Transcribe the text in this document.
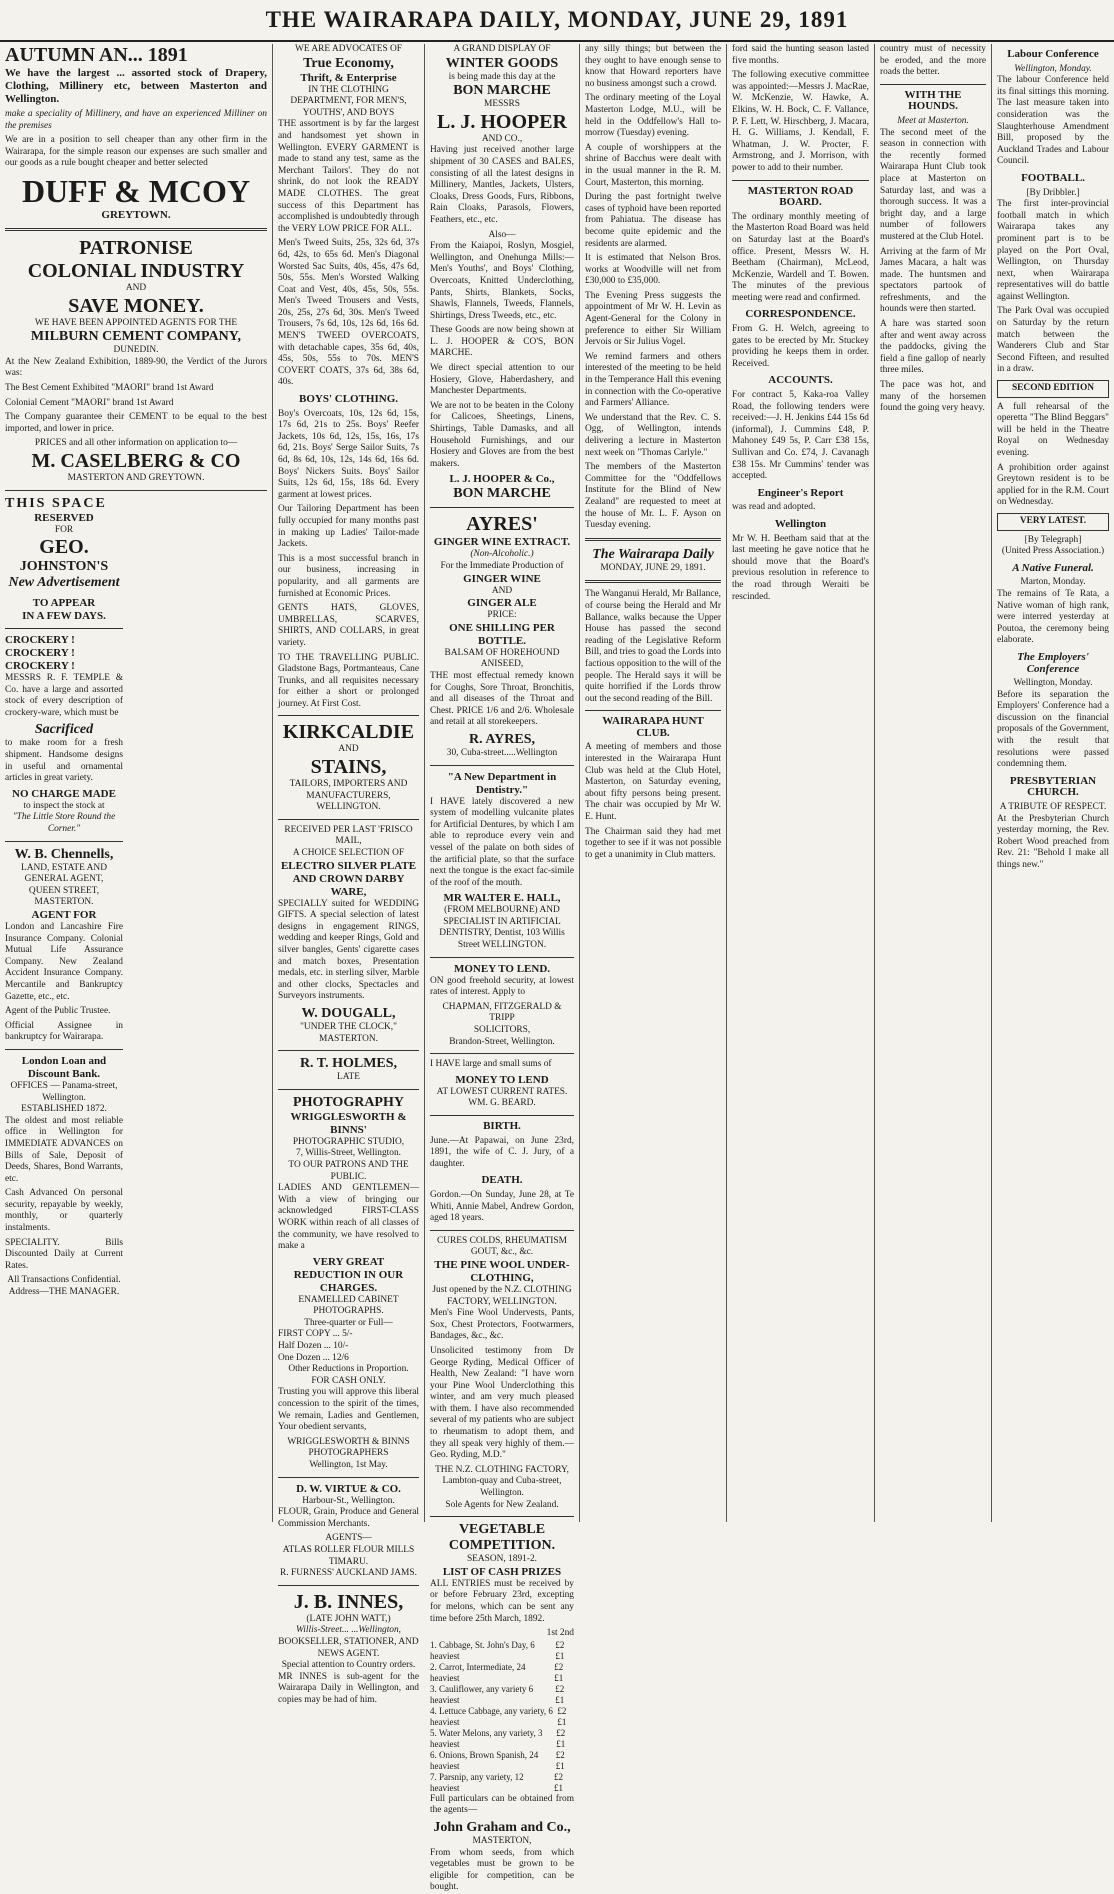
THE WAIRARAPA DAILY, MONDAY, JUNE 29, 1891
AUTUMN AN... 1891
We have the largest ... assorted stock of Drapery, Clothing, Millinery etc, between Masterton and Wellington.
make a speciality of Millinery, and have an experienced Milliner on the premises
We are in a position to sell cheaper than any other firm in the Wairarapa, for the simple reason our expenses are such smaller and our goods as a rule bought cheaper and better selected
DUFF & MCOY
GREYTOWN.
PATRONISE
COLONIAL INDUSTRY
AND
SAVE MONEY.
WE HAVE BEEN APPOINTED AGENTS FOR THE
MILBURN CEMENT COMPANY,
DUNEDIN.
At the New Zealand Exhibition, 1889-90, the Verdict of the Jurors was:
The Best Cement Exhibited "MAORI" brand 1st Award
Colonial Cement "MAORI" brand 1st Award
The Company guarantee their CEMENT to be equal to the best imported, and lower in price.
PRICES and all other information on application to—
M. CASELBERG & CO
MASTERTON AND GREYTOWN.
THIS SPACE
RESERVED
FOR
GEO.
JOHNSTON'S
New Advertisement
TO APPEAR
IN A FEW DAYS.
CROCKERY ! CROCKERY ! CROCKERY !
MESSRS R. F. TEMPLE & Co. have a large and assorted stock of every description of crockery-ware, which must be
Sacrificed
to make room for a fresh shipment. Handsome designs in useful and ornamental articles in great variety.
NO CHARGE MADE
to inspect the stock at
"The Little Store Round the Corner."
W. B. Chennells,
LAND, ESTATE AND GENERAL AGENT,
QUEEN STREET, MASTERTON.
AGENT FOR
London and Lancashire Fire Insurance Company. Colonial Mutual Life Assurance Company. New Zealand Accident Insurance Company. Mercantile and Bankruptcy Gazette, etc., etc.
Agent of the Public Trustee.
Official Assignee in bankruptcy for Wairarapa.
London Loan and Discount Bank.
OFFICES — Panama-street, Wellington.
ESTABLISHED 1872.
The oldest and most reliable office in Wellington for IMMEDIATE ADVANCES on Bills of Sale, Deposit of Deeds, Shares, Bond Warrants, etc.
Cash Advanced On personal security, repayable by weekly, monthly, or quarterly instalments.
SPECIALITY. Bills Discounted Daily at Current Rates.
All Transactions Confidential.
Address—THE MANAGER.
WE ARE ADVOCATES OF
True Economy,
Thrift, & Enterprise
IN THE CLOTHING DEPARTMENT, FOR MEN'S, YOUTHS', AND BOYS
THE assortment is by far the largest and handsomest yet shown in Wellington. EVERY GARMENT is made to stand any test, same as the Merchant Tailors'. They do not shrink, do not look the READY MADE CLOTHES. The great success of this Department has accomplished is undoubtedly through the VERY LOW PRICE FOR ALL.
Men's Tweed Suits, 25s, 32s 6d, 37s 6d, 42s, to 65s 6d. Men's Diagonal Worsted Sac Suits, 40s, 45s, 47s 6d, 50s, 55s. Men's Worsted Walking Coat and Vest, 40s, 45s, 50s, 55s. Men's Tweed Trousers and Vests, 20s, 25s, 27s 6d, 30s. Men's Tweed Trousers, 7s 6d, 10s, 12s 6d, 16s 6d. MEN'S TWEED OVERCOATS, with detachable capes, 35s 6d, 40s, 45s, 50s, 55s to 70s. MEN'S COVERT COATS, 37s 6d, 38s 6d, 40s.
BOYS' CLOTHING.
Boy's Overcoats, 10s, 12s 6d, 15s, 17s 6d, 21s to 25s. Boys' Reefer Jackets, 10s 6d, 12s, 15s, 16s, 17s 6d, 21s. Boys' Serge Sailor Suits, 7s 6d, 8s 6d, 10s, 12s, 14s 6d, 16s 6d. Boys' Nickers Suits. Boys' Sailor Suits, 12s 6d, 15s, 18s 6d. Every garment at lowest prices.
Our Tailoring Department has been fully occupied for many months past in making up Ladies' Tailor-made Jackets.
This is a most successful branch in our business, increasing in popularity, and all garments are furnished at Economic Prices.
GENTS HATS, GLOVES, UMBRELLAS, SCARVES, SHIRTS, AND COLLARS, in great variety.
TO THE TRAVELLING PUBLIC. Gladstone Bags, Portmanteaus, Cane Trunks, and all requisites necessary for either a short or prolonged journey. At First Cost.
KIRKCALDIE
AND
STAINS,
TAILORS, IMPORTERS AND MANUFACTURERS, WELLINGTON.
RECEIVED PER LAST 'FRISCO MAIL,
A CHOICE SELECTION OF
ELECTRO SILVER PLATE
AND CROWN DARBY WARE,
SPECIALLY suited for WEDDING GIFTS. A special selection of latest designs in engagement RINGS, wedding and keeper Rings, Gold and silver bangles, Gents' cigarette cases and match boxes, Presentation medals, etc. in sterling silver, Marble and other clocks, Spectacles and Surveyors instruments.
W. DOUGALL,
"UNDER THE CLOCK,"
MASTERTON.
R. T. HOLMES,
LATE
PHOTOGRAPHY
WRIGGLESWORTH & BINNS'
PHOTOGRAPHIC STUDIO,
7, Willis-Street, Wellington.
TO OUR PATRONS AND THE PUBLIC.
LADIES AND GENTLEMEN—With a view of bringing our acknowledged FIRST-CLASS WORK within reach of all classes of the community, we have resolved to make a
VERY GREAT REDUCTION IN OUR CHARGES.
ENAMELLED CABINET PHOTOGRAPHS.
Three-quarter or Full—
FIRST COPY ... 5/-
Half Dozen ... 10/-
One Dozen ... 12/6
Other Reductions in Proportion.
FOR CASH ONLY.
Trusting you will approve this liberal concession to the spirit of the times, We remain, Ladies and Gentlemen, Your obedient servants,
WRIGGLESWORTH & BINNS
PHOTOGRAPHERS
Wellington, 1st May.
D. W. VIRTUE & CO.
Harbour-St., Wellington.
FLOUR, Grain, Produce and General Commission Merchants.
AGENTS—
ATLAS ROLLER FLOUR MILLS TIMARU.
R. FURNESS' AUCKLAND JAMS.
J. B. INNES,
(LATE JOHN WATT,)
Willis-Street... ...Wellington,
BOOKSELLER, STATIONER, AND NEWS AGENT.
Special attention to Country orders.
MR INNES is sub-agent for the Wairarapa Daily in Wellington, and copies may be had of him.
A GRAND DISPLAY OF
WINTER GOODS
is being made this day at the
BON MARCHE
MESSRS
L. J. HOOPER
AND CO.,
Having just received another large shipment of 30 CASES and BALES, consisting of all the latest designs in Millinery, Mantles, Jackets, Ulsters, Cloaks, Dress Goods, Furs, Ribbons, Rain Cloaks, Parasols, Flowers, Feathers, etc., etc.
Also—
From the Kaiapoi, Roslyn, Mosgiel, Wellington, and Onehunga Mills:— Men's Youths', and Boys' Clothing, Overcoats, Knitted Underclothing, Pants, Shirts, Blankets, Socks, Shawls, Flannels, Tweeds, Flannels, Shirtings, Dress Tweeds, etc., etc.
These Goods are now being shown at L. J. HOOPER & CO'S, BON MARCHE.
We direct special attention to our Hosiery, Glove, Haberdashery, and Manchester Departments.
We are not to be beaten in the Colony for Calicoes, Sheetings, Linens, Shirtings, Table Damasks, and all Household Furnishings, and our Hosiery and Gloves are from the best makers.
L. J. HOOPER & Co.,
BON MARCHE
AYRES'
GINGER WINE EXTRACT.
(Non-Alcoholic.)
For the Immediate Production of
GINGER WINE
AND
GINGER ALE
PRICE:
ONE SHILLING PER BOTTLE.
BALSAM OF HOREHOUND ANISEED,
THE most effectual remedy known for Coughs, Sore Throat, Bronchitis, and all diseases of the Throat and Chest. PRICE 1/6 and 2/6. Wholesale and retail at all storekeepers.
R. AYRES,
30, Cuba-street.....Wellington
"A New Department in Dentistry."
I HAVE lately discovered a new system of modelling vulcanite plates for Artificial Dentures, by which I am able to reproduce every vein and vessel of the palate on both sides of the artificial plate, so that the surface next the tongue is the exact fac-simile of the roof of the mouth.
MR WALTER E. HALL,
(FROM MELBOURNE) AND SPECIALIST IN ARTIFICIAL DENTISTRY, Dentist, 103 Willis Street WELLINGTON.
MONEY TO LEND.
ON good freehold security, at lowest rates of interest. Apply to
CHAPMAN, FITZGERALD & TRIPP
SOLICITORS,
Brandon-Street, Wellington.
I HAVE large and small sums of
MONEY TO LEND
AT LOWEST CURRENT RATES.
WM. G. BEARD.
BIRTH.
June.—At Papawai, on June 23rd, 1891, the wife of C. J. Jury, of a daughter.
DEATH.
Gordon.—On Sunday, June 28, at Te Whiti, Annie Mabel, Andrew Gordon, aged 18 years.
CURES COLDS, RHEUMATISM GOUT, &c., &c.
THE PINE WOOL UNDER-CLOTHING,
Just opened by the N.Z. CLOTHING FACTORY, WELLINGTON.
Men's Fine Wool Undervests, Pants, Sox, Chest Protectors, Footwarmers, Bandages, &c., &c.
Unsolicited testimony from Dr George Ryding, Medical Officer of Health, New Zealand: "I have worn your Pine Wool Underclothing this winter, and am very much pleased with them. I have also recommended several of my patients who are subject to rheumatism to adopt them, and they all speak very highly of them.—Geo. Ryding, M.D."
THE N.Z. CLOTHING FACTORY, Lambton-quay and Cuba-street, Wellington.
Sole Agents for New Zealand.
VEGETABLE COMPETITION.
SEASON, 1891-2.
LIST OF CASH PRIZES
ALL ENTRIES must be received by or before February 23rd, excepting for melons, which can be sent any time before 25th March, 1892.
1st 2nd
1. Cabbage, St. John's Day, 6 heaviest
£2 £1
2. Carrot, Intermediate, 24 heaviest
£2 £1
3. Cauliflower, any variety 6 heaviest
£2 £1
4. Lettuce Cabbage, any variety, 6 heaviest
£2 £1
5. Water Melons, any variety, 3 heaviest
£2 £1
6. Onions, Brown Spanish, 24 heaviest
£2 £1
7. Parsnip, any variety, 12 heaviest
£2 £1
Full particulars can be obtained from the agents—
John Graham and Co.,
MASTERTON,
From whom seeds, from which vegetables must be grown to be eligible for competition, can be bought.
any silly things; but between the they ought to have enough sense to know that Howard reporters have no business amongst such a crowd.
The ordinary meeting of the Loyal Masterton Lodge, M.U., will be held in the Oddfellow's Hall to-morrow (Tuesday) evening.
A couple of worshippers at the shrine of Bacchus were dealt with in the usual manner in the R. M. Court, Masterton, this morning.
During the past fortnight twelve cases of typhoid have been reported from Pahiatua. The disease has become quite epidemic and the residents are alarmed.
It is estimated that Nelson Bros. works at Woodville will net from £30,000 to £35,000.
The Evening Press suggests the appointment of Mr W. H. Levin as Agent-General for the Colony in preference to either Sir William Jervois or Sir Julius Vogel.
We remind farmers and others interested of the meeting to be held in the Temperance Hall this evening in connection with the Co-operative and Farmers' Alliance.
We understand that the Rev. C. S. Ogg, of Wellington, intends delivering a lecture in Masterton next week on "Thomas Carlyle."
The members of the Masterton Committee for the "Oddfellows Institute for the Blind of New Zealand" are requested to meet at the house of Mr. L. F. Ayson on Tuesday evening.
The Wairarapa Daily
MONDAY, JUNE 29, 1891.
The Wanganui Herald, Mr Ballance, of course being the Herald and Mr Ballance, walks because the Upper House has passed the second reading of the Legislative Reform Bill, and tries to goad the Lords into factious opposition to the will of the people. The Herald says it will be quite horrified if the Lords throw out the second reading of the Bill.
WAIRARAPA HUNT CLUB.
A meeting of members and those interested in the Wairarapa Hunt Club was held at the Club Hotel, Masterton, on Saturday evening, about fifty persons being present. The chair was occupied by Mr W. E. Hunt.
The Chairman said they had met together to see if it was not possible to get a unanimity in Club matters.
ford said the hunting season lasted five months.
The following executive committee was appointed:—Messrs J. MacRae, W. McKenzie, W. Hawke, A. Elkins, W. H. Bock, C. F. Vallance, P. F. Lett, W. Hirschberg, J. Macara, H. G. Williams, J. Kendall, F. Whatman, J. W. Procter, F. Armstrong, and J. Morrison, with power to add to their number.
MASTERTON ROAD BOARD.
The ordinary monthly meeting of the Masterton Road Board was held on Saturday last at the Board's office. Present, Messrs W. H. Beetham (Chairman), McLeod, McKenzie, Wardell and T. Bowen. The minutes of the previous meeting were read and confirmed.
CORRESPONDENCE.
From G. H. Welch, agreeing to gates to be erected by Mr. Stuckey providing he keeps them in order. Received.
ACCOUNTS.
For contract 5, Kaka-roa Valley Road, the following tenders were received:—J. H. Jenkins £44 15s 6d (informal), J. Cummins £48, P. Mahoney £49 5s, P. Carr £38 15s, Sullivan and Co. £74, J. Cavanagh £38 15s. Mr Cummins' tender was accepted.
Engineer's Report
was read and adopted.
Wellington
Mr W. H. Beetham said that at the last meeting he gave notice that he should move that the Board's previous resolution in reference to the road through Weraiti be rescinded.
country must of necessity be eroded, and the more roads the better.
WITH THE HOUNDS.
Meet at Masterton.
The second meet of the season in connection with the recently formed Wairarapa Hunt Club took place at Masterton on Saturday last, and was a thorough success. It was a bright day, and a large number of followers mustered at the Club Hotel.
Arriving at the farm of Mr James Macara, a halt was made. The huntsmen and spectators partook of refreshments, and the hounds were then started.
A hare was started soon after and went away across the paddocks, giving the field a fine gallop of nearly three miles.
The pace was hot, and many of the horsemen found the going very heavy.
Labour Conference
Wellington, Monday.
The labour Conference held its final sittings this morning. The last measure taken into consideration was the Slaughterhouse Amendment Bill, proposed by the Auckland Trades and Labour Council.
FOOTBALL.
[By Dribbler.]
The first inter-provincial football match in which Wairarapa takes any prominent part is to be played on the Port Oval, Wellington, on Thursday next, when Wairarapa representatives will do battle against Wellington.
The Park Oval was occupied on Saturday by the return match between the Wanderers Club and Star Second Fifteen, and resulted in a draw.
SECOND EDITION
A full rehearsal of the operetta "The Blind Beggars" will be held in the Theatre Royal on Wednesday evening.
A prohibition order against Greytown resident is to be applied for in the R.M. Court on Wednesday.
VERY LATEST.
[By Telegraph]
(United Press Association.)
A Native Funeral.
Marton, Monday.
The remains of Te Rata, a Native woman of high rank, were interred yesterday at Poutoa, the ceremony being elaborate.
The Employers' Conference
Wellington, Monday.
Before its separation the Employers' Conference had a discussion on the financial proposals of the Government, with the result that resolutions were passed condemning them.
PRESBYTERIAN CHURCH.
A TRIBUTE OF RESPECT.
At the Presbyterian Church yesterday morning, the Rev. Robert Wood preached from Rev. 21: "Behold I make all things new."
